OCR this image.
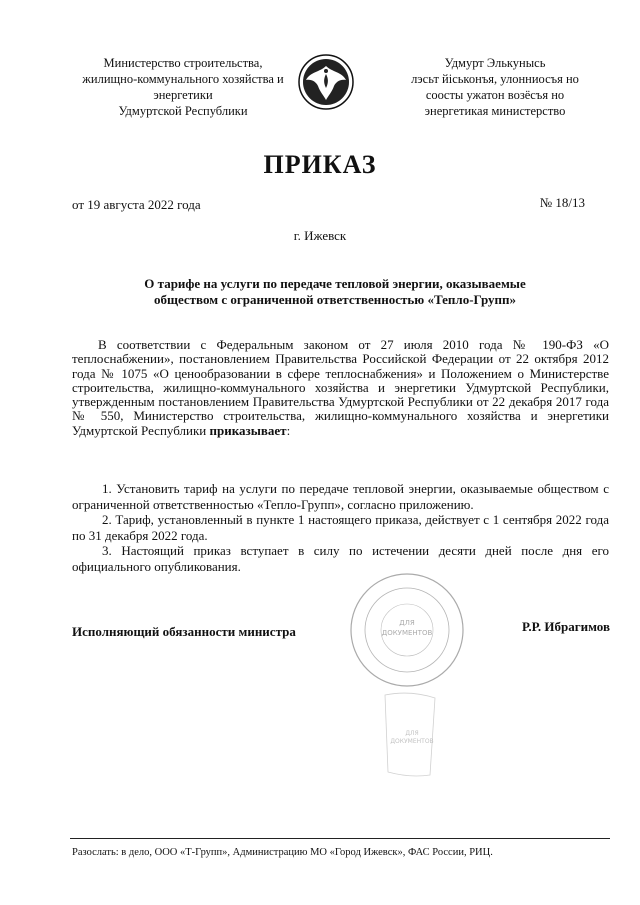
Министерство строительства,
жилищно-коммунального хозяйства и
энергетики
Удмуртской Республики
Удмурт Элькунысь
лэсьт йіськонъя, улонниосъя но
сооcты ужатон возёсъя но
энергетикая министерство
ПРИКАЗ
от 19 августа 2022 года	№ 18/13
г. Ижевск
О тарифе на услуги по передаче тепловой энергии, оказываемые
обществом с ограниченной ответственностью «Тепло-Групп»
В соответствии с Федеральным законом от 27 июля 2010 года № 190-ФЗ «О теплоснабжении», постановлением Правительства Российской Федерации от 22 октября 2012 года № 1075 «О ценообразовании в сфере теплоснабжения» и Положением о Министерстве строительства, жилищно-коммунального хозяйства и энергетики Удмуртской Республики, утвержденным постановлением Правительства Удмуртской Республики от 22 декабря 2017 года № 550, Министерство строительства, жилищно-коммунального хозяйства и энергетики Удмуртской Республики приказывает:

1. Установить тариф на услуги по передаче тепловой энергии, оказываемые обществом с ограниченной ответственностью «Тепло-Групп», согласно приложению.

2. Тариф, установленный в пункте 1 настоящего приказа, действует с 1 сентября 2022 года по 31 декабря 2022 года.

3. Настоящий приказ вступает в силу по истечении десяти дней после дня его официального опубликования.

ДЛЯ
ДОКУМЕНТОВ
ДЛЯ
ДОКУМЕНТОВ
Исполняющий обязанности министра	Р.Р. Ибрагимов
Разослать: в дело, ООО «Т-Групп», Администрацию МО «Город Ижевск», ФАС России, РИЦ.
